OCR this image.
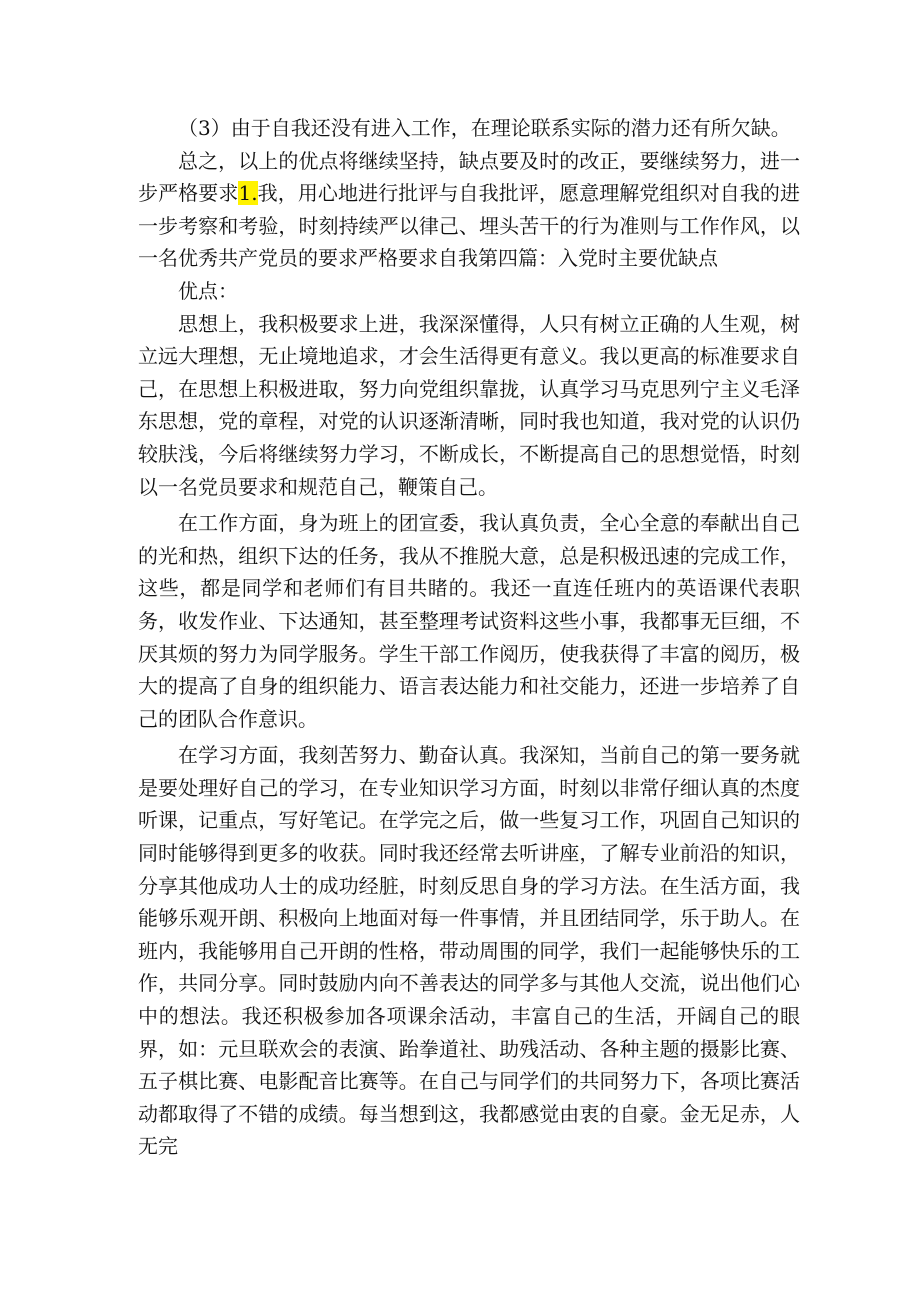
（3）由于自我还没有进入工作，在理论联系实际的潜力还有所欠缺。

总之，以上的优点将继续坚持，缺点要及时的改正，要继续努力，进一步严格要求1.我，用心地进行批评与自我批评，愿意理解党组织对自我的进一步考察和考验，时刻持续严以律己、埋头苦干的行为准则与工作作风，以一名优秀共产党员的要求严格要求自我第四篇：入党时主要优缺点

优点：

思想上，我积极要求上进，我深深懂得，人只有树立正确的人生观，树立远大理想，无止境地追求，才会生活得更有意义。我以更高的标准要求自己，在思想上积极进取，努力向党组织靠拢，认真学习马克思列宁主义毛泽东思想，党的章程，对党的认识逐渐清晰，同时我也知道，我对党的认识仍较肤浅，今后将继续努力学习，不断成长，不断提高自己的思想觉悟，时刻以一名党员要求和规范自己，鞭策自己。

在工作方面，身为班上的团宣委，我认真负责，全心全意的奉献出自己的光和热，组织下达的任务，我从不推脱大意，总是积极迅速的完成工作，这些，都是同学和老师们有目共睹的。我还一直连任班内的英语课代表职务，收发作业、下达通知，甚至整理考试资料这些小事，我都事无巨细，不厌其烦的努力为同学服务。学生干部工作阅历，使我获得了丰富的阅历，极大的提高了自身的组织能力、语言表达能力和社交能力，还进一步培养了自己的团队合作意识。

在学习方面，我刻苦努力、勤奋认真。我深知，当前自己的第一要务就是要处理好自己的学习，在专业知识学习方面，时刻以非常仔细认真的杰度听课，记重点，写好笔记。在学完之后，做一些复习工作，巩固自己知识的同时能够得到更多的收获。同时我还经常去听讲座，了解专业前沿的知识，分享其他成功人士的成功经脏，时刻反思自身的学习方法。在生活方面，我能够乐观开朗、积极向上地面对每一件事情，并且团结同学，乐于助人。在班内，我能够用自己开朗的性格，带动周围的同学，我们一起能够快乐的工作，共同分享。同时鼓励内向不善表达的同学多与其他人交流，说出他们心中的想法。我还积极参加各项课余活动，丰富自己的生活，开阔自己的眼界，如：元旦联欢会的表演、跆拳道社、助残活动、各种主题的摄影比赛、五子棋比赛、电影配音比赛等。在自己与同学们的共同努力下，各项比赛活动都取得了不错的成绩。每当想到这，我都感觉由衷的自豪。金无足赤，人无完
